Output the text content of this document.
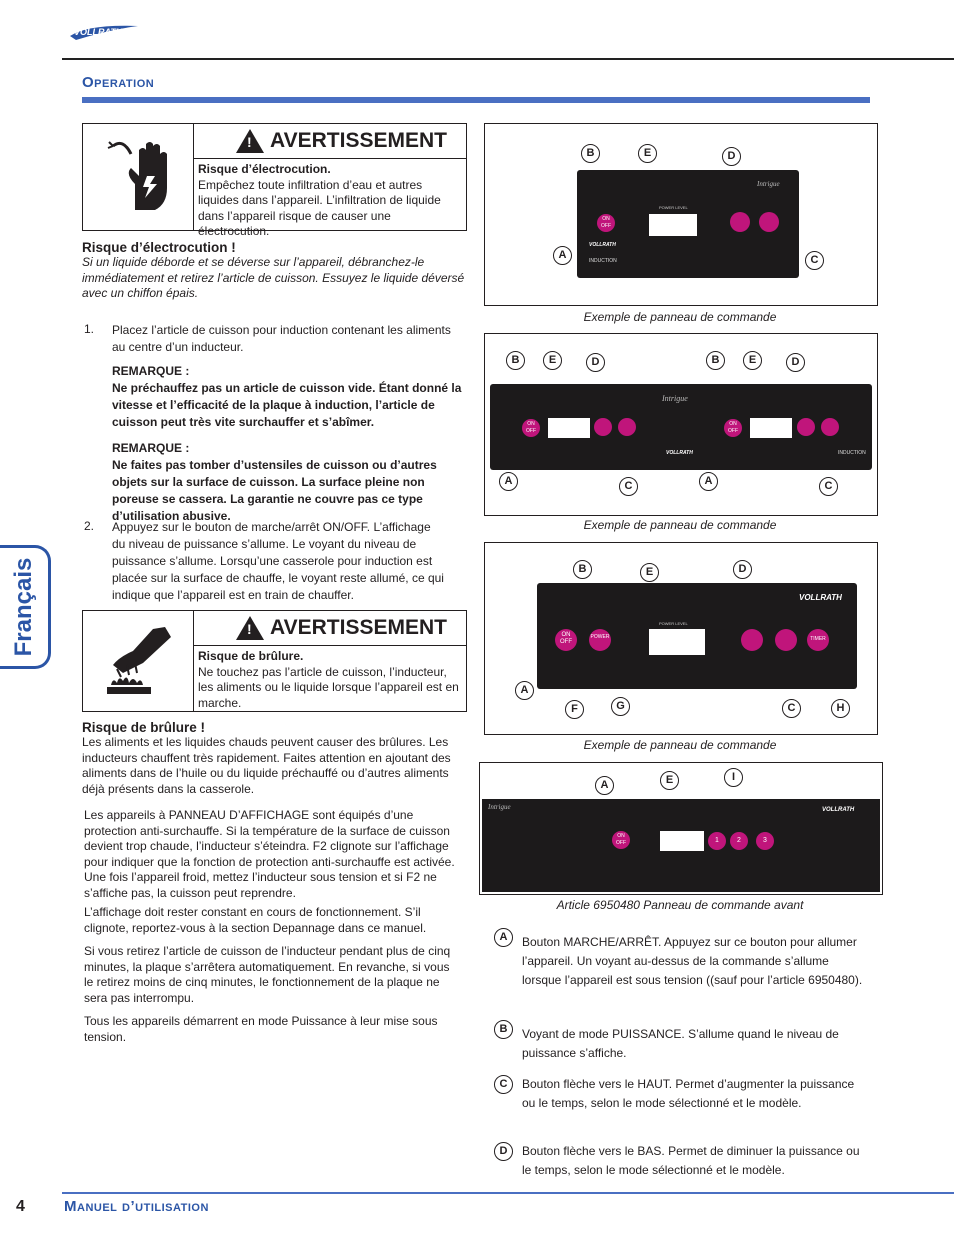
VOLLRATH
Operation
Français
! AVERTISSEMENT
Risque d’électrocution.
Empêchez toute infiltration d’eau et autres liquides dans l’appareil. L’infiltration de liquide dans l’appareil risque de causer une électrocution.
Risque d’électrocution !
Si un liquide déborde et se déverse sur l’appareil, débranchez-le immédiatement et retirez l’article de cuisson. Essuyez le liquide déversé avec un chiffon épais.
1. Placez l’article de cuisson pour induction contenant les aliments au centre d’un inducteur.
REMARQUE :
Ne préchauffez pas un article de cuisson vide. Étant donné la vitesse et l’efficacité de la plaque à induction, l’article de cuisson peut très vite surchauffer et s’abîmer.
REMARQUE :
Ne faites pas tomber d’ustensiles de cuisson ou d’autres objets sur la surface de cuisson. La surface pleine non poreuse se cassera. La garantie ne couvre pas ce type d’utilisation abusive.
2. Appuyez sur le bouton de marche/arrêt ON/OFF. L’affichage du niveau de puissance s’allume. Le voyant du niveau de puissance s’allume. Lorsqu’une casserole pour induction est placée sur la surface de chauffe, le voyant reste allumé, ce qui indique que l’appareil est en train de chauffer.
! AVERTISSEMENT
Risque de brûlure.
Ne touchez pas l’article de cuisson, l’inducteur, les aliments ou le liquide lorsque l’appareil est en marche.
Risque de brûlure !
Les aliments et les liquides chauds peuvent causer des brûlures. Les inducteurs chauffent très rapidement. Faites attention en ajoutant des aliments dans de l’huile ou du liquide préchauffé ou d’autres aliments déjà présents dans la casserole.
Les appareils à PANNEAU D’AFFICHAGE sont équipés d’une protection anti-surchauffe. Si la température de la surface de cuisson devient trop chaude, l’inducteur s’éteindra. F2 clignote sur l’affichage pour indiquer que la fonction de protection anti-surchauffe est activée. Une fois l’appareil froid, mettez l’inducteur sous tension et si F2 ne s’affiche pas, la cuisson peut reprendre.
L’affichage doit rester constant en cours de fonctionnement. S’il clignote, reportez-vous à la section Depannage dans ce manuel.
Si vous retirez l’article de cuisson de l’inducteur pendant plus de cinq minutes, la plaque s’arrêtera automatiquement. En revanche, si vous le retirez moins de cinq minutes, le fonctionnement de la plaque ne sera pas interrompu.
Tous les appareils démarrent en mode Puissance à leur mise sous tension.
ON
OFF
POWER LEVEL
Intrigue
VOLLRATH
INDUCTION
B	E	D
A	C
Exemple de panneau de commande
ON
OFF
Intrigue
VOLLRATH
ON
OFF
INDUCTION
B	E	D	B	E	D
A	C	A	C
Exemple de panneau de commande
ON
OFF
POWER
POWER LEVEL
TIMER
VOLLRATH
B	E	D
A
F	G	C	H
Exemple de panneau de commande
Intrigue	VOLLRATH
ON
OFF	1	2	3
A	E	I
Article 6950480 Panneau de commande avant
A	Bouton MARCHE/ARRÊT. Appuyez sur ce bouton pour allumer l’appareil. Un voyant au-dessus de la commande s’allume lorsque l’appareil est sous tension ((sauf pour l’article 6950480).
B	Voyant de mode PUISSANCE. S’allume quand le niveau de puissance s’affiche.
C	Bouton flèche vers le HAUT. Permet d’augmenter la puissance ou le temps, selon le mode sélectionné et le modèle.
D	Bouton flèche vers le BAS. Permet de diminuer la puissance ou le temps, selon le mode sélectionné et le modèle.
4	Manuel d’utilisation
